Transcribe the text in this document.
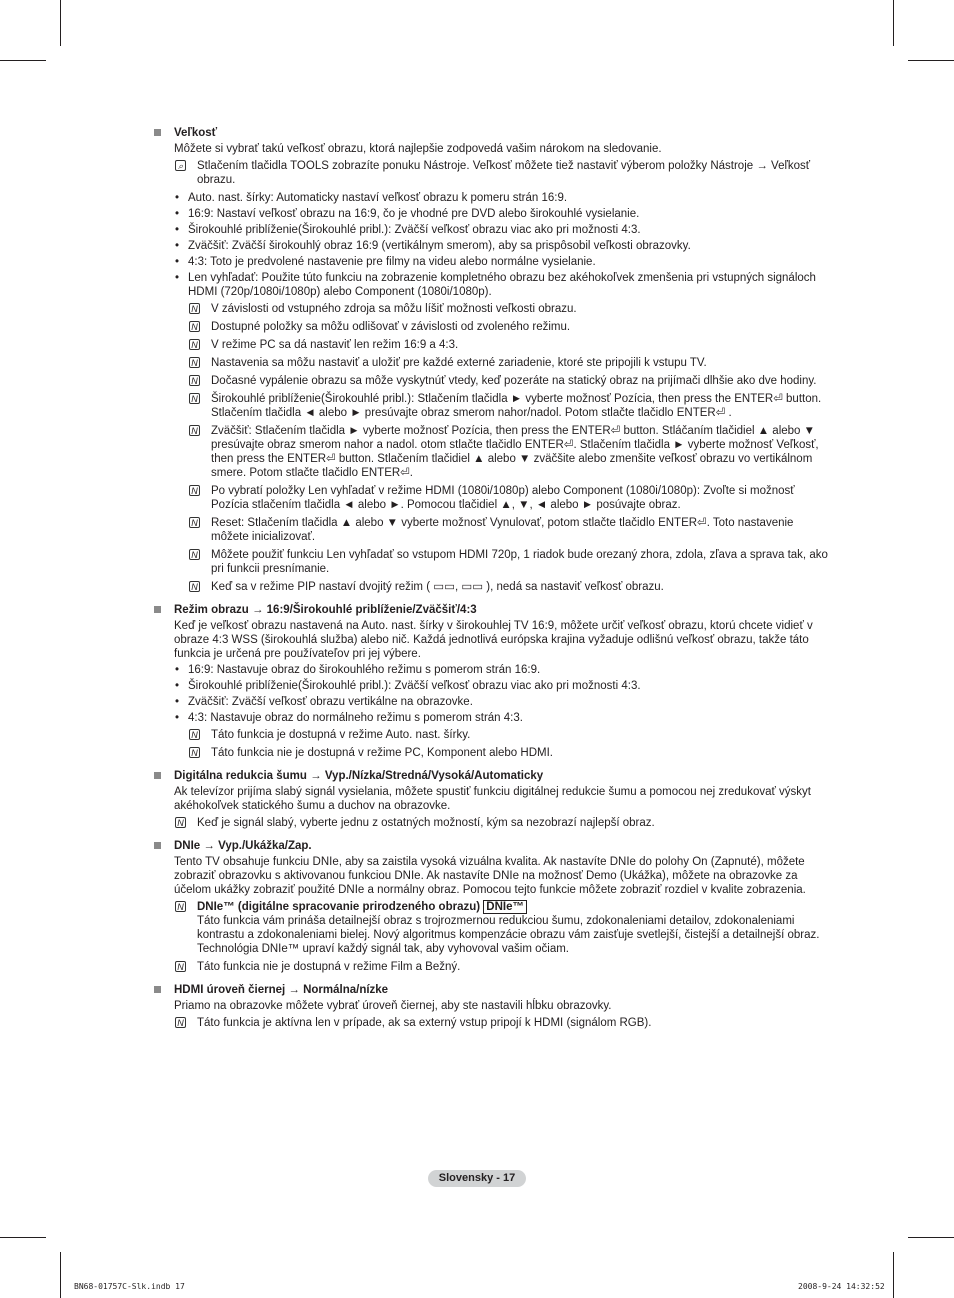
Veľkosť
Môžete si vybrať takú veľkosť obrazu, ktorá najlepšie zodpovedá vašim nárokom na sledovanie.
⌕ Stlačením tlačidla TOOLS zobrazíte ponuku Nástroje. Veľkosť môžete tiež nastaviť výberom položky Nástroje → Veľkosť obrazu.
• Auto. nast. šírky: Automaticky nastaví veľkosť obrazu k pomeru strán 16:9.
• 16:9: Nastaví veľkosť obrazu na 16:9, čo je vhodné pre DVD alebo širokouhlé vysielanie.
• Širokouhlé priblíženie(Širokouhlé pribl.): Zväčší veľkosť obrazu viac ako pri možnosti 4:3.
• Zväčšiť: Zväčší širokouhlý obraz 16:9 (vertikálnym smerom), aby sa prispôsobil veľkosti obrazovky.
• 4:3: Toto je predvolené nastavenie pre filmy na videu alebo normálne vysielanie.
• Len vyhľadať: Použite túto funkciu na zobrazenie kompletného obrazu bez akéhokoľvek zmenšenia pri vstupných signáloch HDMI (720p/1080i/1080p) alebo Component (1080i/1080p).
N V závislosti od vstupného zdroja sa môžu líšiť možnosti veľkosti obrazu.
N Dostupné položky sa môžu odlišovať v závislosti od zvoleného režimu.
N V režime PC sa dá nastaviť len režim 16:9 a 4:3.
N Nastavenia sa môžu nastaviť a uložiť pre každé externé zariadenie, ktoré ste pripojili k vstupu TV.
N Dočasné vypálenie obrazu sa môže vyskytnúť vtedy, keď pozeráte na statický obraz na prijímači dlhšie ako dve hodiny.
N Širokouhlé priblíženie(Širokouhlé pribl.): Stlačením tlačidla ► vyberte možnosť Pozícia, then press the ENTER⏎ button. Stlačením tlačidla ◄ alebo ► presúvajte obraz smerom nahor/nadol. Potom stlačte tlačidlo ENTER⏎ .
N Zväčšiť: Stlačením tlačidla ► vyberte možnosť Pozícia, then press the ENTER⏎ button. Stláčaním tlačidiel ▲ alebo ▼ presúvajte obraz smerom nahor a nadol. otom stlačte tlačidlo ENTER⏎. Stlačením tlačidla ► vyberte možnosť Veľkosť, then press the ENTER⏎ button. Stlačením tlačidiel ▲ alebo ▼ zväčšite alebo zmenšite veľkosť obrazu vo vertikálnom smere. Potom stlačte tlačidlo ENTER⏎.
N Po vybratí položky Len vyhľadať v režime HDMI (1080i/1080p) alebo Component (1080i/1080p): Zvoľte si možnosť Pozícia stlačením tlačidla ◄ alebo ►. Pomocou tlačidiel ▲, ▼, ◄ alebo ► posúvajte obraz.
N Reset: Stlačením tlačidla ▲ alebo ▼ vyberte možnosť Vynulovať, potom stlačte tlačidlo ENTER⏎. Toto nastavenie môžete inicializovať.
N Môžete použiť funkciu Len vyhľadať so vstupom HDMI 720p, 1 riadok bude orezaný zhora, zdola, zľava a sprava tak, ako pri funkcii presnímanie.
N Keď sa v režime PIP nastaví dvojitý režim ( ▭▭, ▭▭ ), nedá sa nastaviť veľkosť obrazu.
Režim obrazu → 16:9/Širokouhlé priblíženie/Zväčšiť/4:3
Keď je veľkosť obrazu nastavená na Auto. nast. šírky v širokouhlej TV 16:9, môžete určiť veľkosť obrazu, ktorú chcete vidieť v obraze 4:3 WSS (širokouhlá služba) alebo nič. Každá jednotlivá európska krajina vyžaduje odlišnú veľkosť obrazu, takže táto funkcia je určená pre používateľov pri jej výbere.
• 16:9: Nastavuje obraz do širokouhlého režimu s pomerom strán 16:9.
• Širokouhlé priblíženie(Širokouhlé pribl.): Zväčší veľkosť obrazu viac ako pri možnosti 4:3.
• Zväčšiť: Zväčší veľkosť obrazu vertikálne na obrazovke.
• 4:3: Nastavuje obraz do normálneho režimu s pomerom strán 4:3.
N Táto funkcia je dostupná v režime Auto. nast. šírky.
N Táto funkcia nie je dostupná v režime PC, Komponent alebo HDMI.
Digitálna redukcia šumu → Vyp./Nízka/Stredná/Vysoká/Automaticky
Ak televízor prijíma slabý signál vysielania, môžete spustiť funkciu digitálnej redukcie šumu a pomocou nej zredukovať výskyt akéhokoľvek statického šumu a duchov na obrazovke.
N Keď je signál slabý, vyberte jednu z ostatných možností, kým sa nezobrazí najlepší obraz.
DNIe → Vyp./Ukážka/Zap.
Tento TV obsahuje funkciu DNIe, aby sa zaistila vysoká vizuálna kvalita. Ak nastavíte DNIe do polohy On (Zapnuté), môžete zobraziť obrazovku s aktivovanou funkciou DNIe. Ak nastavíte DNIe na možnosť Demo (Ukážka), môžete na obrazovke za účelom ukážky zobraziť použité DNIe a normálny obraz. Pomocou tejto funkcie môžete zobraziť rozdiel v kvalite zobrazenia.
N DNIe™ (digitálne spracovanie prirodzeného obrazu) DNIe™
Táto funkcia vám prináša detailnejší obraz s trojrozmernou redukciou šumu, zdokonaleniami detailov, zdokonaleniami kontrastu a zdokonaleniami bielej. Nový algoritmus kompenzácie obrazu vám zaisťuje svetlejší, čistejší a detailnejší obraz. Technológia DNIe™ upraví každý signál tak, aby vyhovoval vašim očiam.
N Táto funkcia nie je dostupná v režime Film a Bežný.
HDMI úroveň čiernej → Normálna/nízke
Priamo na obrazovke môžete vybrať úroveň čiernej, aby ste nastavili hĺbku obrazovky.
N Táto funkcia je aktívna len v prípade, ak sa externý vstup pripojí k HDMI (signálom RGB).
Slovensky - 17
BN68-01757C-Slk.indb 17	2008-9-24 14:32:52
